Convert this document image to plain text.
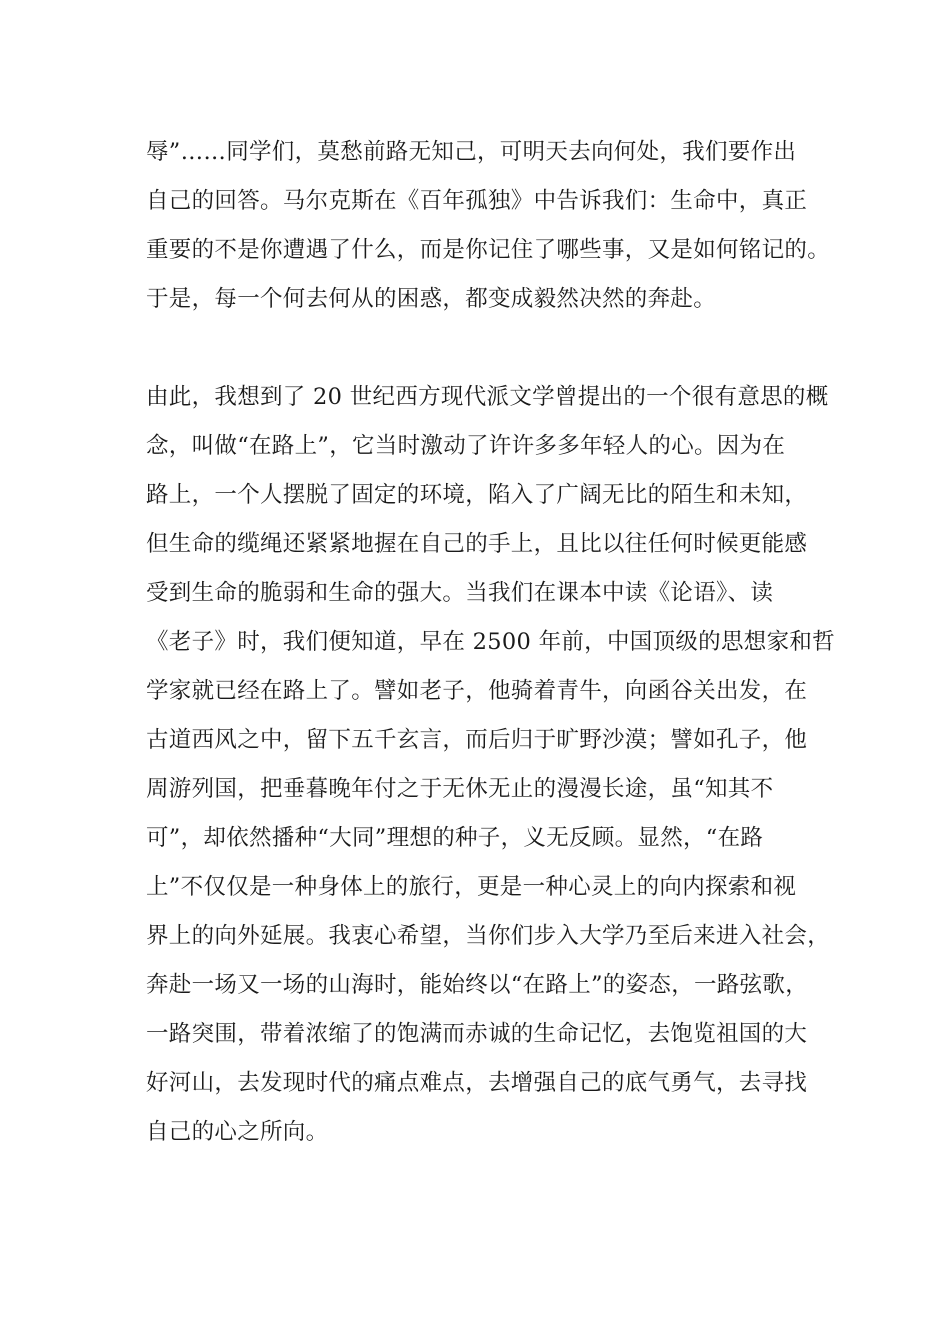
辱”……同学们，莫愁前路无知己，可明天去向何处，我们要作出
自己的回答。马尔克斯在《百年孤独》中告诉我们：生命中，真正
重要的不是你遭遇了什么，而是你记住了哪些事，又是如何铭记的。
于是，每一个何去何从的困惑，都变成毅然决然的奔赴。
由此，我想到了 20 世纪西方现代派文学曾提出的一个很有意思的概
念，叫做“在路上”，它当时激动了许许多多年轻人的心。因为在
路上，一个人摆脱了固定的环境，陷入了广阔无比的陌生和未知，
但生命的缆绳还紧紧地握在自己的手上，且比以往任何时候更能感
受到生命的脆弱和生命的强大。当我们在课本中读《论语》、读
《老子》时，我们便知道，早在 2500 年前，中国顶级的思想家和哲
学家就已经在路上了。譬如老子，他骑着青牛，向函谷关出发，在
古道西风之中，留下五千玄言，而后归于旷野沙漠；譬如孔子，他
周游列国，把垂暮晚年付之于无休无止的漫漫长途，虽“知其不
可”，却依然播种“大同”理想的种子，义无反顾。显然，“在路
上”不仅仅是一种身体上的旅行，更是一种心灵上的向内探索和视
界上的向外延展。我衷心希望，当你们步入大学乃至后来进入社会，
奔赴一场又一场的山海时，能始终以“在路上”的姿态，一路弦歌，
一路突围，带着浓缩了的饱满而赤诚的生命记忆，去饱览祖国的大
好河山，去发现时代的痛点难点，去增强自己的底气勇气，去寻找
自己的心之所向。
